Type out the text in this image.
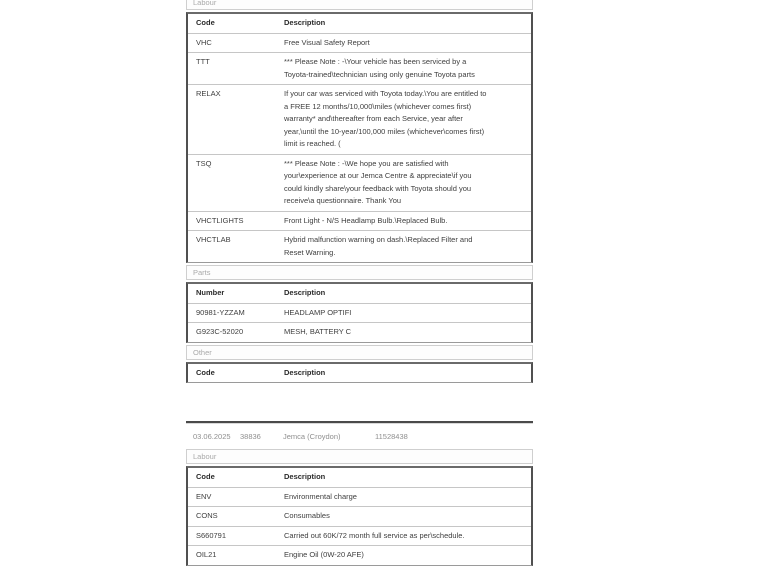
Labour
Code	Description
VHC	Free Visual Safety Report
TTT	*** Please Note : -\Your vehicle has been serviced by a Toyota-trained\technician using only genuine Toyota parts
RELAX	If your car was serviced with Toyota today.\You are entitled to a FREE 12 months/10,000\miles (whichever comes first) warranty* and\thereafter from each Service, year after year,\until the 10-year/100,000 miles (whichever\comes first) limit is reached. (
TSQ	*** Please Note : -\We hope you are satisfied with your\experience at our Jemca Centre & appreciate\if you could kindly share\your feedback with Toyota should you receive\a questionnaire. Thank You
VHCTLIGHTS	Front Light - N/S Headlamp Bulb.\Replaced Bulb.
VHCTLAB	Hybrid malfunction warning on dash.\Replaced Filter and Reset Warning.
Parts
Number	Description
90981-YZZAM	HEADLAMP OPTIFI
G923C-52020	MESH, BATTERY C
Other
Code	Description
03.06.2025 38836	Jemca (Croydon)	11528438
Labour
Code	Description
ENV	Environmental charge
CONS	Consumables
S660791	Carried out 60K/72 month full service as per\schedule.
OIL21	Engine Oil (0W-20 AFE)
